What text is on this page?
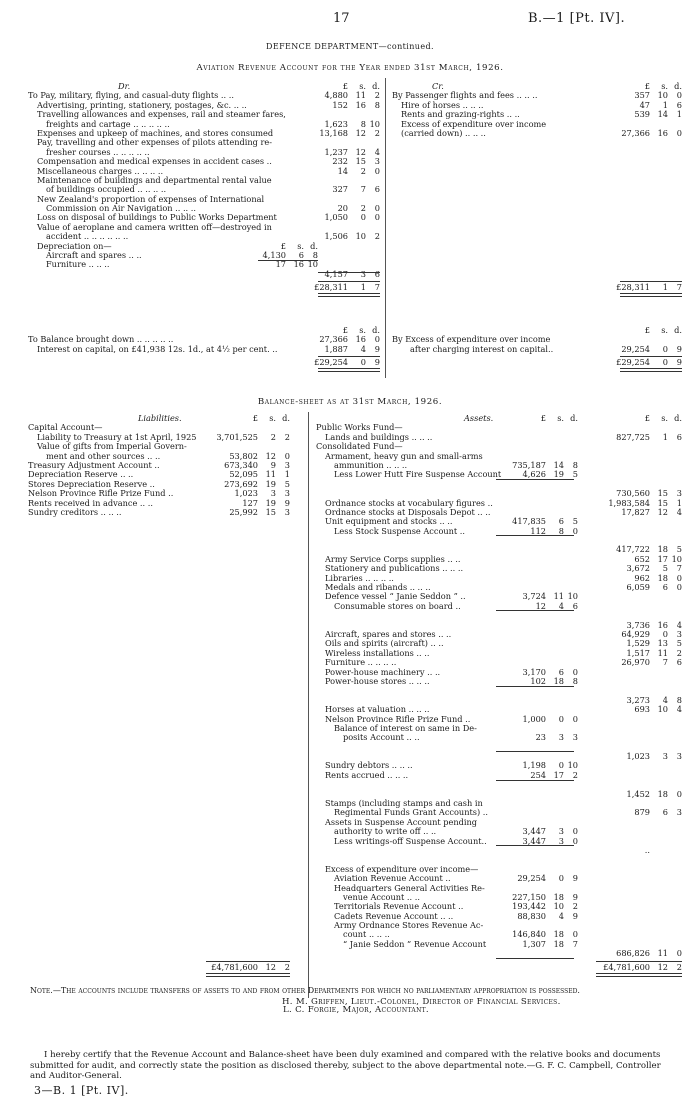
17	B.—1 [Pt. IV].
DEFENCE DEPARTMENT—continued.
Aviation Revenue Account for the Year ended 31st March, 1926.
Dr.	£	s. d.
To Pay, military, flying, and casual-duty flights .. ..	4,880 11	2
Advertising, printing, stationery, postages, &c. .. ..	152 16	8
Travelling allowances and expenses, rail and steamer fares,
freights and cartage .. .. .. .. ..	1,623	8 10
Expenses and upkeep of machines, and stores consumed	13,168 12	2
Pay, travelling and other expenses of pilots attending re-
fresher courses .. .. .. .. ..	1,237 12	4
Compensation and medical expenses in accident cases ..	232 15	3
Miscellaneous charges .. .. .. ..	14	2	0
Maintenance of buildings and departmental rental value
of buildings occupied .. .. .. ..	327	7	6
New Zealand's proportion of expenses of International
Commission on Air Navigation .. .. ..	20	2	0
Loss on disposal of buildings to Public Works Department	1,050	0	0
Value of aeroplane and camera written off—destroyed in
accident .. .. .. .. .. ..	1,506 10	2
Depreciation on—	£	s. d.
Aircraft and spares .. ..	4,130	6	8
Furniture .. .. ..	17 16 10
4,157	3	6
£28,311	1	7
Cr.	£	s. d.
By Passenger flights and fees .. .. ..	357 10	0
Hire of horses .. .. ..	47	1	6
Rents and grazing-rights .. ..	539 14	1
Excess of expenditure over income
(carried down) .. .. ..	27,366 16	0
£28,311	1	7
£	s. d.
To Balance brought down .. .. .. .. ..	27,366 16	0
Interest on capital, on £41,938 12s. 1d., at 4½ per cent. ..	1,887	4	9
£29,254	0	9
£	s. d.
By Excess of expenditure over income
after charging interest on capital..	29,254	0	9
£29,254	0	9
Balance-sheet as at 31st March, 1926.
Liabilities.	£	s. d.
Capital Account—
Liability to Treasury at 1st April, 1925	3,701,525	2	2
Value of gifts from Imperial Govern-
ment and other sources .. ..	53,802 12	0
Treasury Adjustment Account ..	673,340	9	3
Depreciation Reserve .. ..	52,095 11	1
Stores Depreciation Reserve ..	273,692 19	5
Nelson Province Rifle Prize Fund ..	1,023	3	3
Rents received in advance .. ..	127 19	9
Sundry creditors .. .. ..	25,992 15	3
£4,781,600 12	2
Assets.	£	s. d.
£	s. d.
Public Works Fund—
Lands and buildings .. .. ..	827,725	1	6
Consolidated Fund—
Armament, heavy gun and small-arms
ammunition .. .. ..	735,187 14	8
Less Lower Hutt Fire Suspense Account	4,626 19	5
730,560 15	3
Ordnance stocks at vocabulary figures ..	1,983,584 15	1
Ordnance stocks at Disposals Depot .. ..	17,827 12	4
Unit equipment and stocks .. ..	417,835	6	5
Less Stock Suspense Account ..	112	8	0
417,722 18	5
Army Service Corps supplies .. ..	652 17 10
Stationery and publications .. .. ..	3,672	5	7
Libraries .. .. .. ..	962 18	0
Medals and ribands .. .. ..	6,059	6	0
Defence vessel “ Janie Seddon ” ..	3,724 11 10
Consumable stores on board ..	12	4	6
3,736 16	4
Aircraft, spares and stores .. ..	64,929	0	3
Oils and spirits (aircraft) .. ..	1,529 13	5
Wireless installations .. ..	1,517 11	2
Furniture .. .. .. ..	26,970	7	6
Power-house machinery .. ..	3,170	6	0
Power-house stores .. .. ..	102 18	8
3,273	4	8
Horses at valuation .. .. ..	693 10	4
Nelson Province Rifle Prize Fund ..	1,000	0	0
Balance of interest on same in De-
posits Account .. ..	23	3	3
1,023	3	3
Sundry debtors .. .. ..	1,198	0 10
Rents accrued .. .. ..	254 17	2
1,452 18	0
Stamps (including stamps and cash in
Regimental Funds Grant Accounts) ..	879	6	3
Assets in Suspense Account pending
authority to write off .. ..	3,447	3	0
Less writings-off Suspense Account..	3,447	3	0
..
Excess of expenditure over income—
Aviation Revenue Account ..	29,254	0	9
Headquarters General Activities Re-
venue Account .. ..	227,150 18	9
Territorials Revenue Account ..	193,442 10	2
Cadets Revenue Account .. ..	88,830	4	9
Army Ordnance Stores Revenue Ac-
count .. .. ..	146,840 18	0
“ Janie Seddon ” Revenue Account	1,307 18	7
686,826 11	0
£4,781,600 12	2
Note.—The accounts include transfers of assets to and from other Departments for which no parliamentary appropriation is possessed.
H. M. Griffen, Lieut.-Colonel, Director of Financial Services.
L. C. Forgie, Major, Accountant.
I hereby certify that the Revenue Account and Balance-sheet have been duly examined and compared with the relative books and documents submitted for audit, and correctly state the position as disclosed thereby, subject to the above departmental note.—G. F. C. Campbell, Controller and Auditor-General.
3—B. 1 [Pt. IV].
